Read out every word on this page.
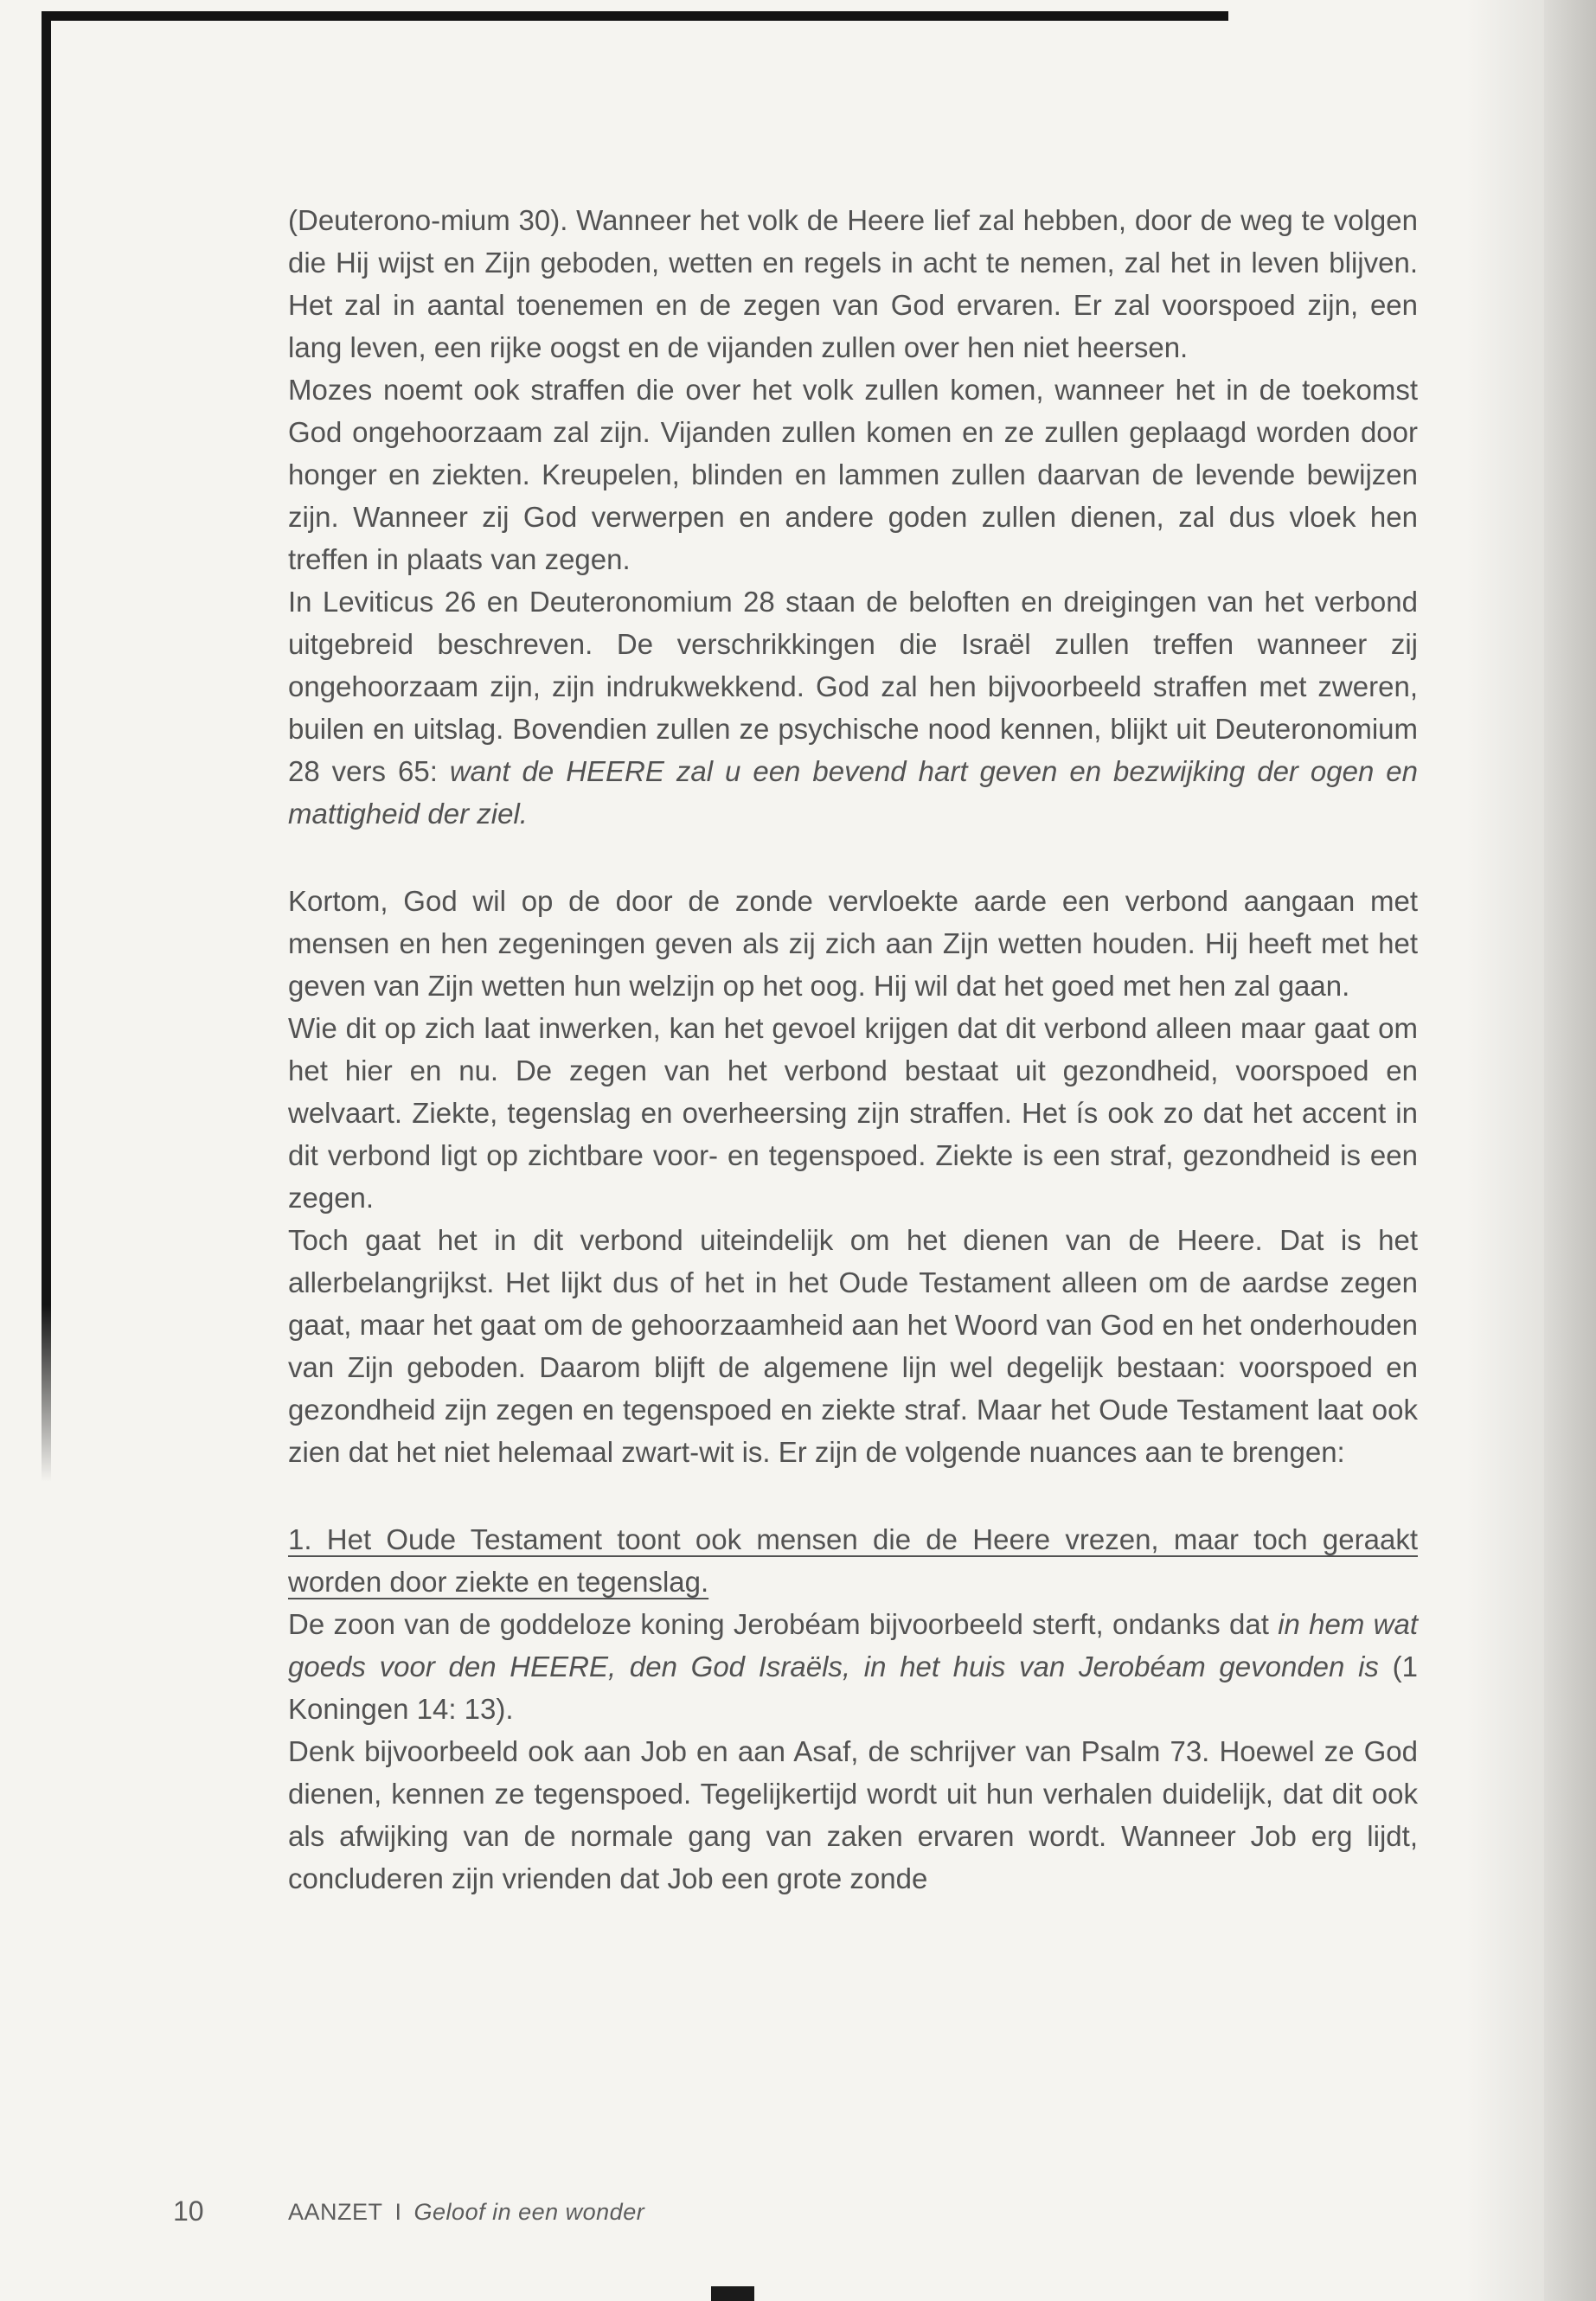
(Deuterono-mium 30). Wanneer het volk de Heere lief zal hebben, door de weg te volgen die Hij wijst en Zijn geboden, wetten en regels in acht te nemen, zal het in leven blijven. Het zal in aantal toenemen en de zegen van God ervaren. Er zal voorspoed zijn, een lang leven, een rijke oogst en de vijanden zullen over hen niet heersen.

Mozes noemt ook straffen die over het volk zullen komen, wanneer het in de toekomst God ongehoorzaam zal zijn. Vijanden zullen komen en ze zullen geplaagd worden door honger en ziekten. Kreupelen, blinden en lammen zullen daarvan de levende bewijzen zijn. Wanneer zij God verwerpen en andere goden zullen dienen, zal dus vloek hen treffen in plaats van zegen.

In Leviticus 26 en Deuteronomium 28 staan de beloften en dreigingen van het verbond uitgebreid beschreven. De verschrikkingen die Israël zullen treffen wanneer zij ongehoorzaam zijn, zijn indrukwekkend. God zal hen bijvoorbeeld straffen met zweren, builen en uitslag. Bovendien zullen ze psychische nood kennen, blijkt uit Deuteronomium 28 vers 65: want de HEERE zal u een bevend hart geven en bezwijking der ogen en mattigheid der ziel.

Kortom, God wil op de door de zonde vervloekte aarde een verbond aangaan met mensen en hen zegeningen geven als zij zich aan Zijn wetten houden. Hij heeft met het geven van Zijn wetten hun welzijn op het oog. Hij wil dat het goed met hen zal gaan.

Wie dit op zich laat inwerken, kan het gevoel krijgen dat dit verbond alleen maar gaat om het hier en nu. De zegen van het verbond bestaat uit gezondheid, voorspoed en welvaart. Ziekte, tegenslag en overheersing zijn straffen. Het ís ook zo dat het accent in dit verbond ligt op zichtbare voor- en tegenspoed. Ziekte is een straf, gezondheid is een zegen.

Toch gaat het in dit verbond uiteindelijk om het dienen van de Heere. Dat is het allerbelangrijkst. Het lijkt dus of het in het Oude Testament alleen om de aardse zegen gaat, maar het gaat om de gehoorzaamheid aan het Woord van God en het onderhouden van Zijn geboden. Daarom blijft de algemene lijn wel degelijk bestaan: voorspoed en gezondheid zijn zegen en tegenspoed en ziekte straf. Maar het Oude Testament laat ook zien dat het niet helemaal zwart-wit is. Er zijn de volgende nuances aan te brengen:

1. Het Oude Testament toont ook mensen die de Heere vrezen, maar toch geraakt worden door ziekte en tegenslag.

De zoon van de goddeloze koning Jerobéam bijvoorbeeld sterft, ondanks dat in hem wat goeds voor den HEERE, den God Israëls, in het huis van Jerobéam gevonden is (1 Koningen 14: 13).

Denk bijvoorbeeld ook aan Job en aan Asaf, de schrijver van Psalm 73. Hoewel ze God dienen, kennen ze tegenspoed. Tegelijkertijd wordt uit hun verhalen duidelijk, dat dit ook als afwijking van de normale gang van zaken ervaren wordt. Wanneer Job erg lijdt, concluderen zijn vrienden dat Job een grote zonde

10	AANZET I Geloof in een wonder
